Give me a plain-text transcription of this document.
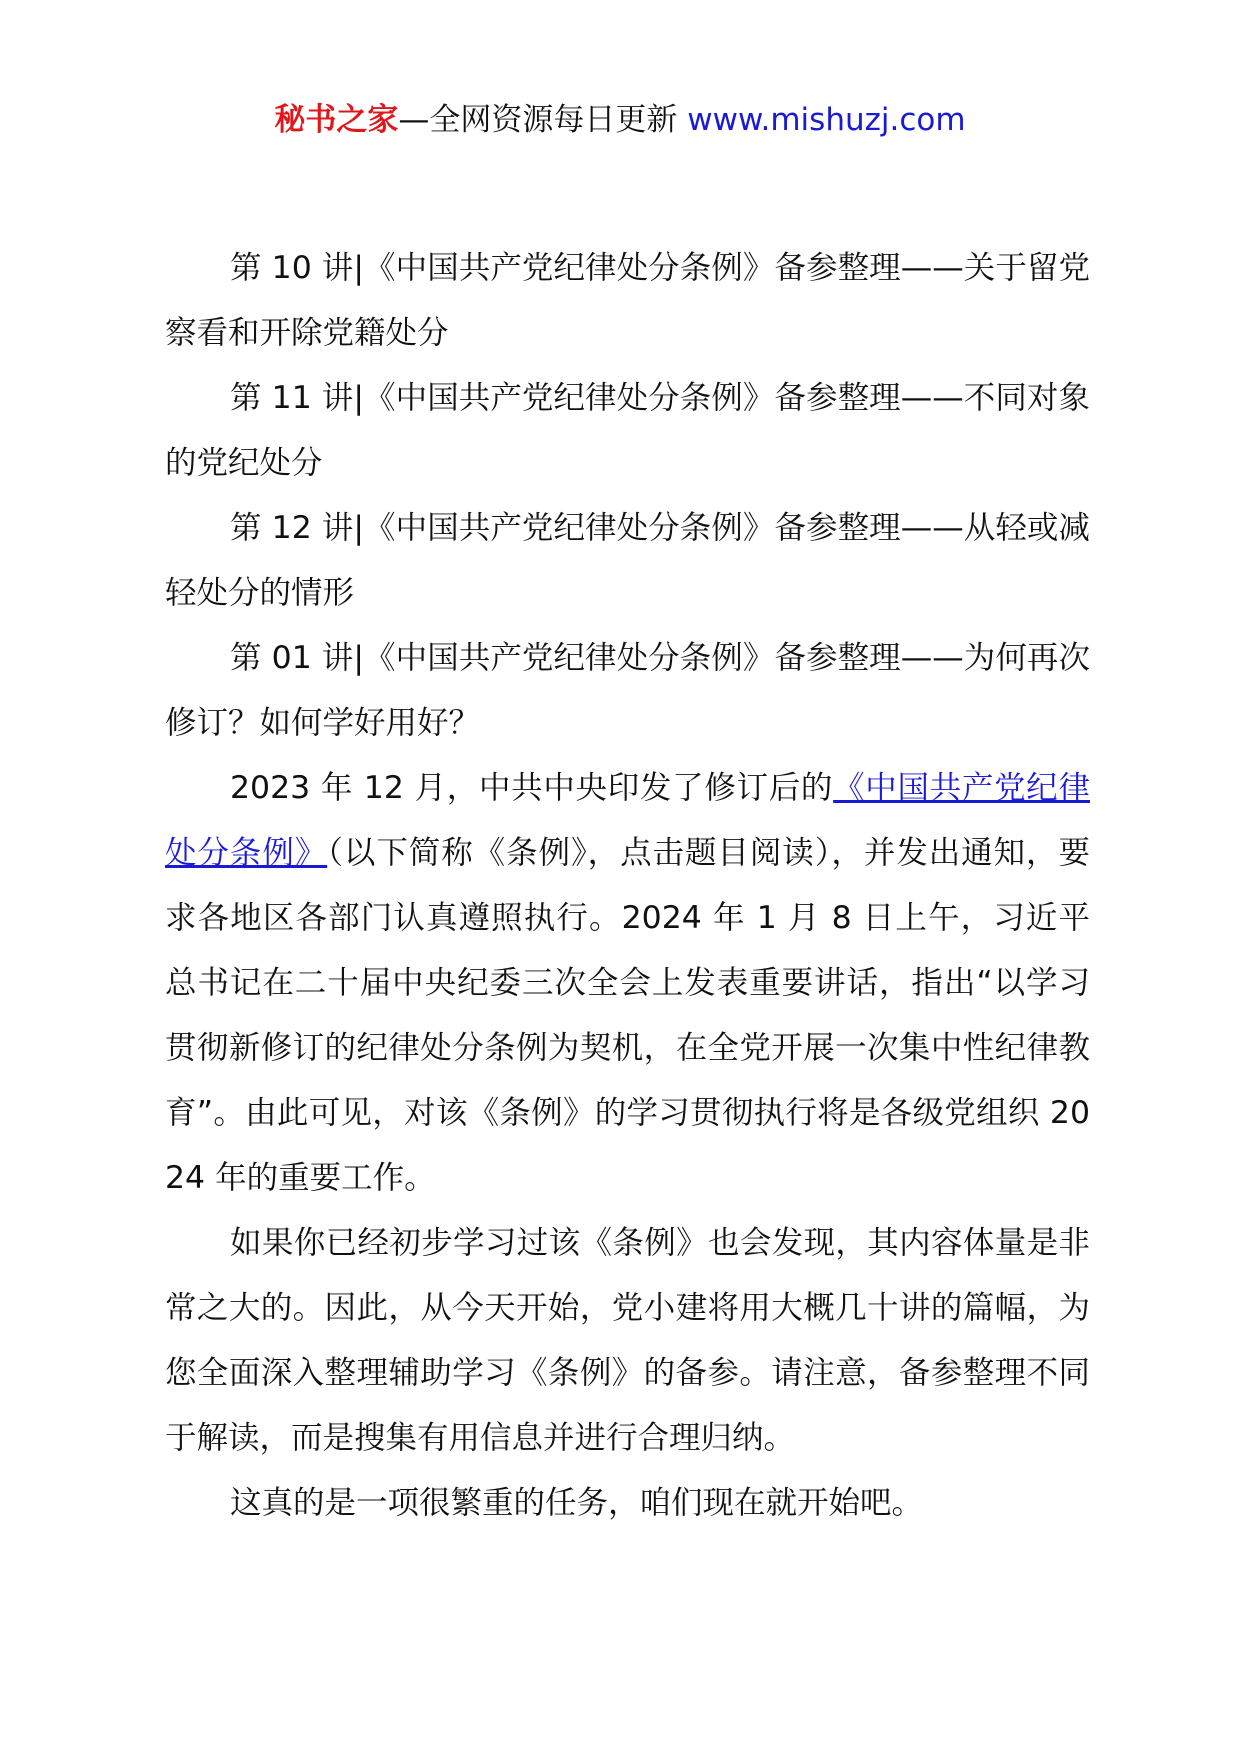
秘书之家—全网资源每日更新 www.mishuzj.com

第 10 讲|《中国共产党纪律处分条例》备参整理——关于留党察看和开除党籍处分

第 11 讲|《中国共产党纪律处分条例》备参整理——不同对象的党纪处分

第 12 讲|《中国共产党纪律处分条例》备参整理——从轻或减轻处分的情形

第 01 讲|《中国共产党纪律处分条例》备参整理——为何再次修订？如何学好用好？

2023 年 12 月，中共中央印发了修订后的《中国共产党纪律处分条例》（以下简称《条例》，点击题目阅读），并发出通知，要求各地区各部门认真遵照执行。2024 年 1 月 8 日上午，习近平总书记在二十届中央纪委三次全会上发表重要讲话，指出“以学习贯彻新修订的纪律处分条例为契机，在全党开展一次集中性纪律教育”。由此可见，对该《条例》的学习贯彻执行将是各级党组织 2024 年的重要工作。

如果你已经初步学习过该《条例》也会发现，其内容体量是非常之大的。因此，从今天开始，党小建将用大概几十讲的篇幅，为您全面深入整理辅助学习《条例》的备参。请注意，备参整理不同于解读，而是搜集有用信息并进行合理归纳。

这真的是一项很繁重的任务，咱们现在就开始吧。
